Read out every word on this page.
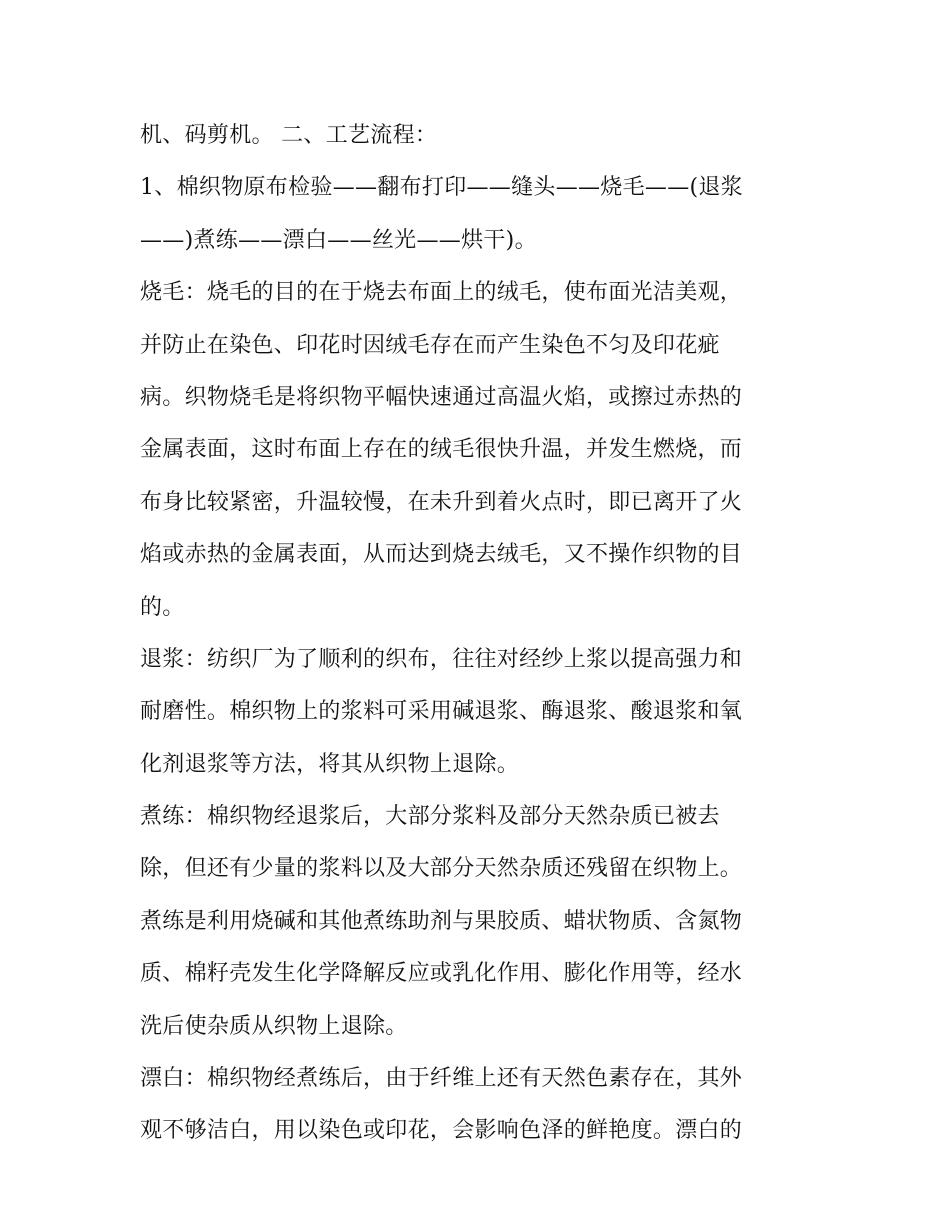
机、码剪机。 二、工艺流程：
1、棉织物原布检验——翻布打印——缝头——烧毛——(退浆
——)煮练——漂白——丝光——烘干)。
烧毛：烧毛的目的在于烧去布面上的绒毛，使布面光洁美观，
并防止在染色、印花时因绒毛存在而产生染色不匀及印花疵
病。织物烧毛是将织物平幅快速通过高温火焰，或擦过赤热的
金属表面，这时布面上存在的绒毛很快升温，并发生燃烧，而
布身比较紧密，升温较慢，在未升到着火点时，即已离开了火
焰或赤热的金属表面，从而达到烧去绒毛，又不操作织物的目
的。
退浆：纺织厂为了顺利的织布，往往对经纱上浆以提高强力和
耐磨性。棉织物上的浆料可采用碱退浆、酶退浆、酸退浆和氧
化剂退浆等方法，将其从织物上退除。
煮练：棉织物经退浆后，大部分浆料及部分天然杂质已被去
除，但还有少量的浆料以及大部分天然杂质还残留在织物上。
煮练是利用烧碱和其他煮练助剂与果胶质、蜡状物质、含氮物
质、棉籽壳发生化学降解反应或乳化作用、膨化作用等，经水
洗后使杂质从织物上退除。
漂白：棉织物经煮练后，由于纤维上还有天然色素存在，其外
观不够洁白，用以染色或印花，会影响色泽的鲜艳度。漂白的
